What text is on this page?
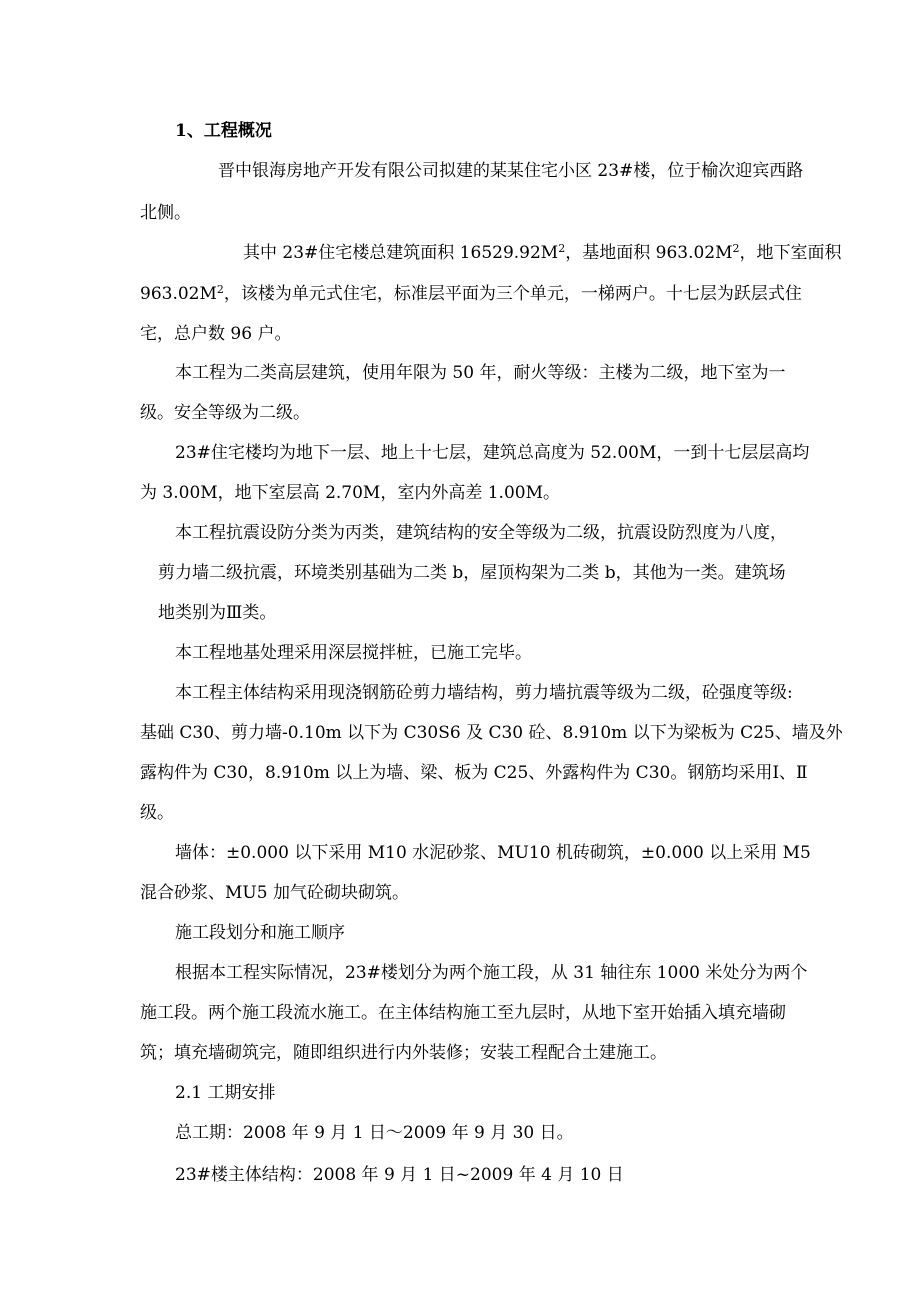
1、工程概况
晋中银海房地产开发有限公司拟建的某某住宅小区 23#楼，位于榆次迎宾西路
北侧。
其中 23#住宅楼总建筑面积 $16529.92M^2$，基地面积 $963.02M^2$，地下室面积
$963.02M^2$，该楼为单元式住宅，标准层平面为三个单元，一梯两户。十七层为跃层式住
宅，总户数 96 户。
本工程为二类高层建筑，使用年限为 50 年，耐火等级：主楼为二级，地下室为一
级。安全等级为二级。
23#住宅楼均为地下一层、地上十七层，建筑总高度为 52.00M，一到十七层层高均
为 3.00M，地下室层高 2.70M，室内外高差 1.00M。
本工程抗震设防分类为丙类，建筑结构的安全等级为二级，抗震设防烈度为八度，
剪力墙二级抗震，环境类别基础为二类 b，屋顶构架为二类 b，其他为一类。建筑场
地类别为Ⅲ类。
本工程地基处理采用深层搅拌桩，已施工完毕。
本工程主体结构采用现浇钢筋砼剪力墙结构，剪力墙抗震等级为二级，砼强度等级:
基础 C30、剪力墙-0.10m 以下为 C30S6 及 C30 砼、8.910m 以下为梁板为 C25、墙及外
露构件为 C30，8.910m 以上为墙、梁、板为 C25、外露构件为 C30。钢筋均采用Ⅰ、Ⅱ
级。
墙体：±0.000 以下采用 M10 水泥砂浆、MU10 机砖砌筑，±0.000 以上采用 M5
混合砂浆、MU5 加气砼砌块砌筑。
施工段划分和施工顺序
根据本工程实际情况，23#楼划分为两个施工段，从 31 轴往东 1000 米处分为两个
施工段。两个施工段流水施工。在主体结构施工至九层时，从地下室开始插入填充墙砌
筑；填充墙砌筑完，随即组织进行内外装修；安装工程配合土建施工。
2.1 工期安排
总工期：2008 年 9 月 1 日～2009 年 9 月 30 日。
23#楼主体结构：2008 年 9 月 1 日~2009 年 4 月 10 日
